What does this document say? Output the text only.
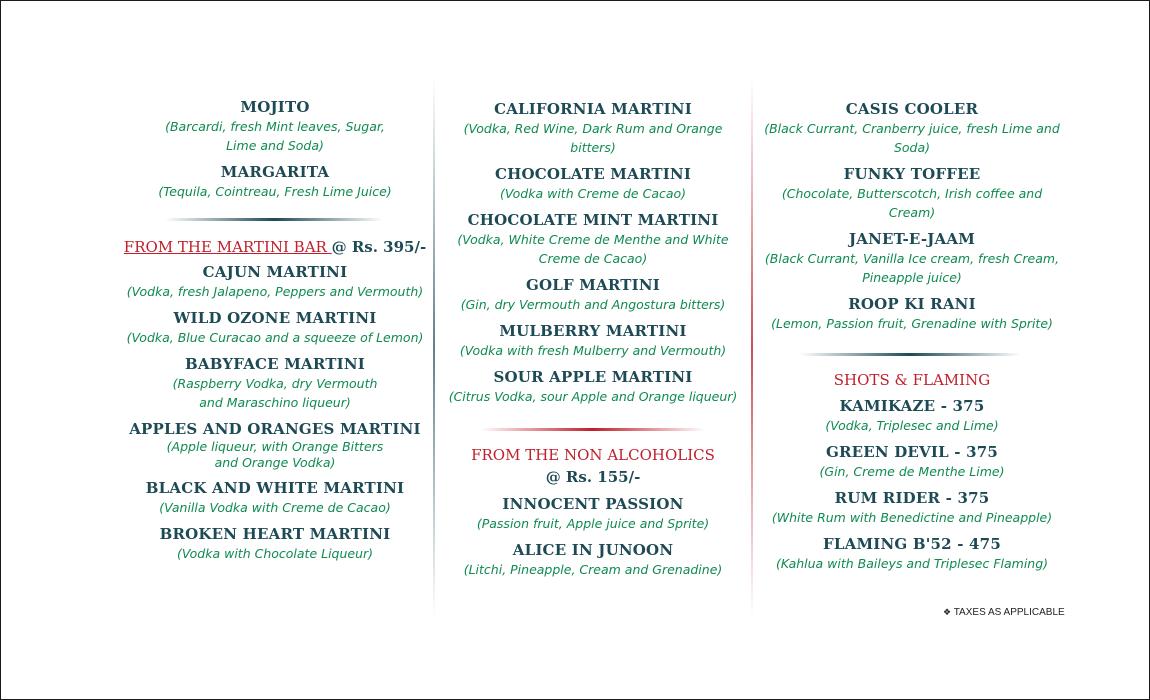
MOJITO
(Barcardi, fresh Mint leaves, Sugar,
Lime and Soda)
MARGARITA
(Tequila, Cointreau, Fresh Lime Juice)
FROM THE MARTINI BAR @ Rs. 395/-
CAJUN MARTINI
(Vodka, fresh Jalapeno, Peppers and Vermouth)
WILD OZONE MARTINI
(Vodka, Blue Curacao and a squeeze of Lemon)
BABYFACE MARTINI
(Raspberry Vodka, dry Vermouth
and Maraschino liqueur)
APPLES AND ORANGES MARTINI
(Apple liqueur, with Orange Bitters
and Orange Vodka)
BLACK AND WHITE MARTINI
(Vanilla Vodka with Creme de Cacao)
BROKEN HEART MARTINI
(Vodka with Chocolate Liqueur)
CALIFORNIA MARTINI
(Vodka, Red Wine, Dark Rum and Orange
bitters)
CHOCOLATE MARTINI
(Vodka with Creme de Cacao)
CHOCOLATE MINT MARTINI
(Vodka, White Creme de Menthe and White
Creme de Cacao)
GOLF MARTINI
(Gin, dry Vermouth and Angostura bitters)
MULBERRY MARTINI
(Vodka with fresh Mulberry and Vermouth)
SOUR APPLE MARTINI
(Citrus Vodka, sour Apple and Orange liqueur)
FROM THE NON ALCOHOLICS
@ Rs. 155/-
INNOCENT PASSION
(Passion fruit, Apple juice and Sprite)
ALICE IN JUNOON
(Litchi, Pineapple, Cream and Grenadine)
CASIS COOLER
(Black Currant, Cranberry juice, fresh Lime and
Soda)
FUNKY TOFFEE
(Chocolate, Butterscotch, Irish coffee and
Cream)
JANET-E-JAAM
(Black Currant, Vanilla Ice cream, fresh Cream,
Pineapple juice)
ROOP KI RANI
(Lemon, Passion fruit, Grenadine with Sprite)
SHOTS & FLAMING
KAMIKAZE - 375
(Vodka, Triplesec and Lime)
GREEN DEVIL - 375
(Gin, Creme de Menthe Lime)
RUM RIDER - 375
(White Rum with Benedictine and Pineapple)
FLAMING B'52 - 475
(Kahlua with Baileys and Triplesec Flaming)
❖ TAXES AS APPLICABLE
